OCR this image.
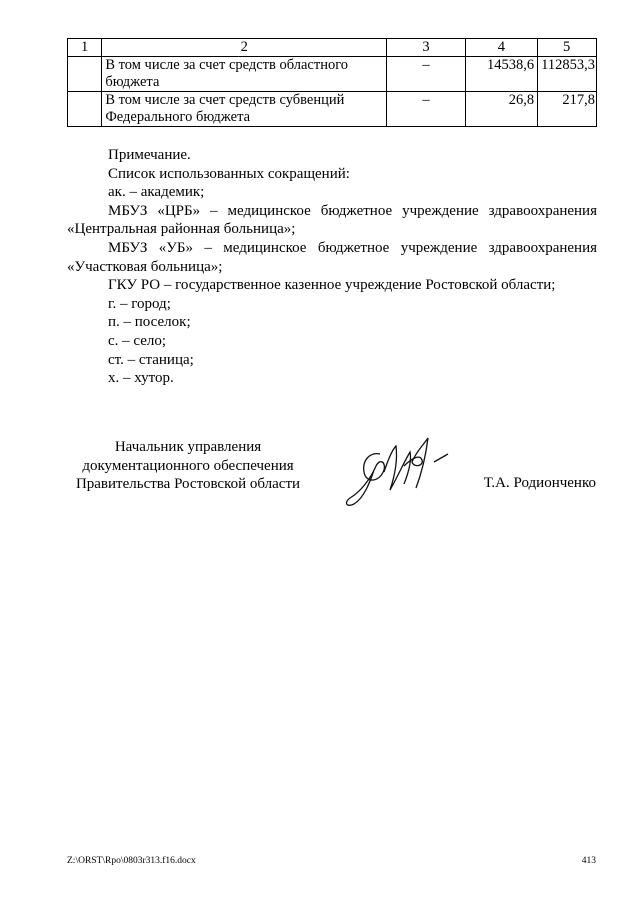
1	2	3	4	5
	В том числе за счет средств областного бюджета	–	14538,6	112853,3
	В том числе за счет средств субвенций Федерального бюджета	–	26,8	217,8

Примечание.

Список использованных сокращений:

ак. – академик;

МБУЗ «ЦРБ» – медицинское бюджетное учреждение здравоохранения

«Центральная районная больница»;

МБУЗ «УБ» – медицинское бюджетное учреждение здравоохранения

«Участковая больница»;

ГКУ РО – государственное казенное учреждение Ростовской области;

г. – город;

п. – поселок;

с. – село;

ст. – станица;

х. – хутор.

Начальник управления
документационного обеспечения
Правительства Ростовской области	Т.А. Родионченко
Z:\ORST\Rpo\0803r313.f16.docx	413
